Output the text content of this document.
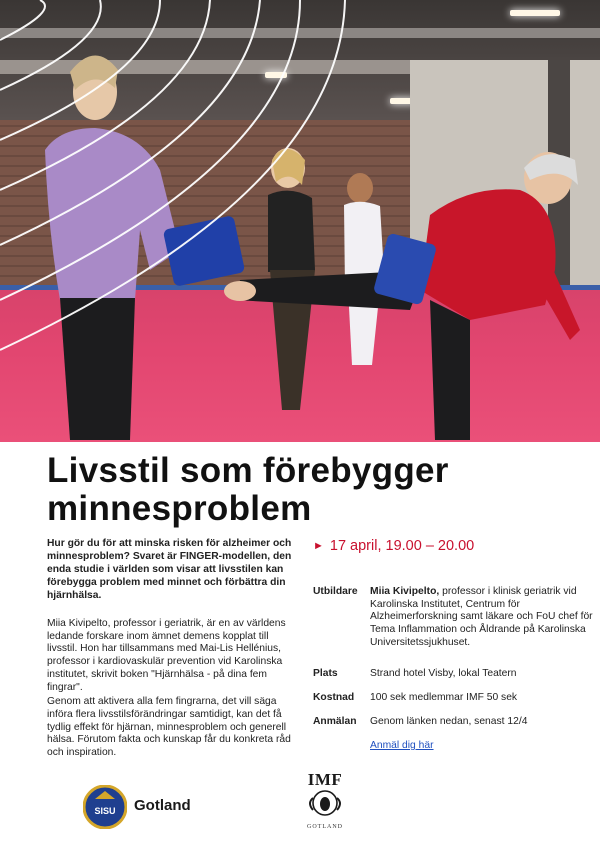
Livsstil som förebygger
minnesproblem

Hur gör du för att minska risken för alzheimer och minnesproblem? Svaret är FINGER-modellen, den enda studie i världen som visar att livsstilen kan förebygga problem med minnet och förbättra din hjärnhälsa.

Miia Kivipelto, professor i geriatrik, är en av världens ledande forskare inom ämnet demens kopplat till livsstil. Hon har tillsammans med Mai-Lis Hellénius, professor i kardiovaskulär prevention vid Karolinska institutet, skrivit boken "Hjärnhälsa - på dina fem fingrar".

Genom att aktivera alla fem fingrarna, det vill säga införa flera livsstilsförändringar samtidigt, kan det få tydlig effekt för hjärnan, minnesproblem och generell hälsa. Förutom fakta och kunskap får du konkreta råd och inspiration.

► 17 april, 19.00 – 20.00
Utbildare	Miia Kivipelto, professor i klinisk geriatrik vid Karolinska Institutet, Centrum för Alzheimerforskning samt läkare och FoU chef för Tema Inflammation och Åldrande på Karolinska Universitetssjukhuset.
Plats	Strand hotel Visby, lokal Teatern
Kostnad	100 sek medlemmar IMF 50 sek
Anmälan	Genom länken nedan, senast 12/4
Anmäl dig här
SISU Gotland
IMF
GOTLAND
